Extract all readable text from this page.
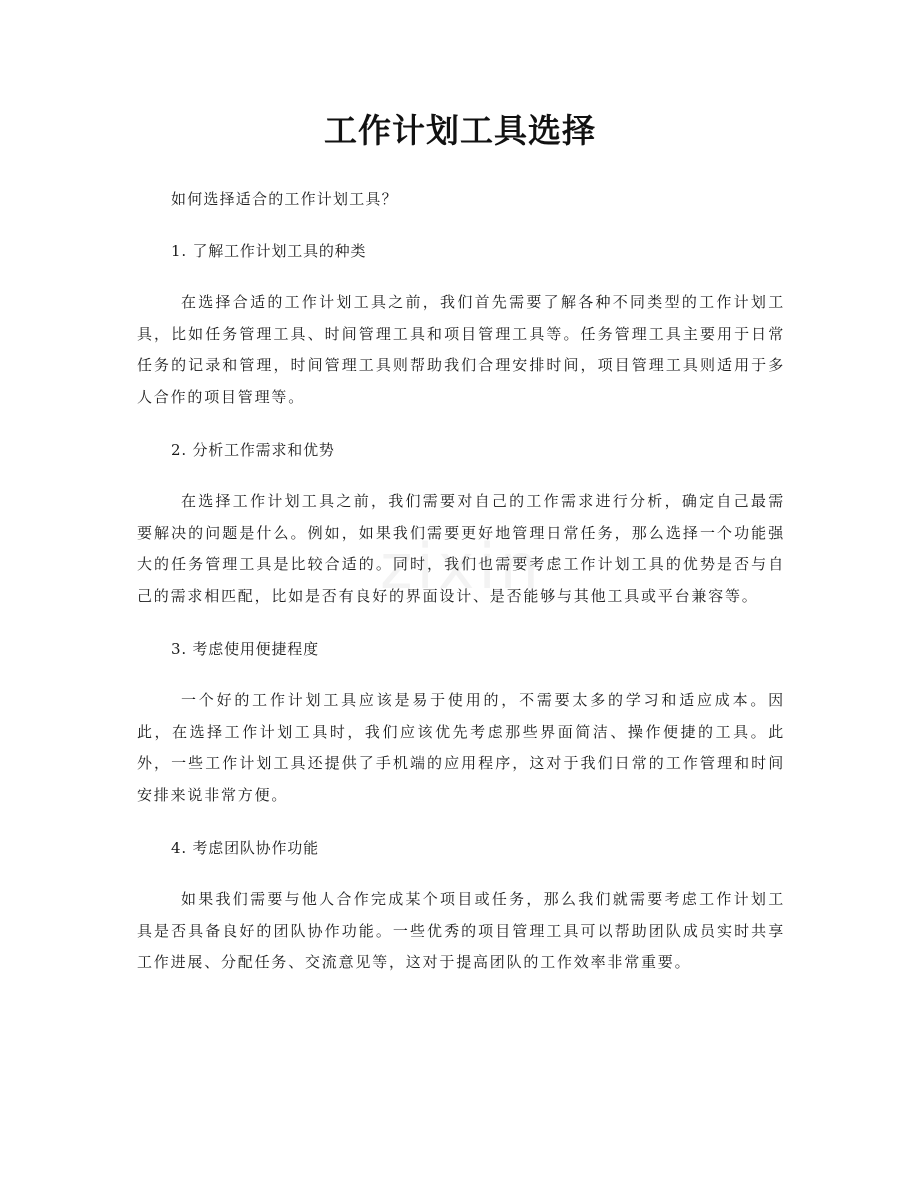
zixin
工作计划工具选择

如何选择适合的工作计划工具？

1. 了解工作计划工具的种类

在选择合适的工作计划工具之前，我们首先需要了解各种不同类型的工作计划工具，比如任务管理工具、时间管理工具和项目管理工具等。任务管理工具主要用于日常任务的记录和管理，时间管理工具则帮助我们合理安排时间，项目管理工具则适用于多人合作的项目管理等。

2. 分析工作需求和优势

在选择工作计划工具之前，我们需要对自己的工作需求进行分析，确定自己最需要解决的问题是什么。例如，如果我们需要更好地管理日常任务，那么选择一个功能强大的任务管理工具是比较合适的。同时，我们也需要考虑工作计划工具的优势是否与自己的需求相匹配，比如是否有良好的界面设计、是否能够与其他工具或平台兼容等。

3. 考虑使用便捷程度

一个好的工作计划工具应该是易于使用的，不需要太多的学习和适应成本。因此，在选择工作计划工具时，我们应该优先考虑那些界面简洁、操作便捷的工具。此外，一些工作计划工具还提供了手机端的应用程序，这对于我们日常的工作管理和时间安排来说非常方便。

4. 考虑团队协作功能

如果我们需要与他人合作完成某个项目或任务，那么我们就需要考虑工作计划工具是否具备良好的团队协作功能。一些优秀的项目管理工具可以帮助团队成员实时共享工作进展、分配任务、交流意见等，这对于提高团队的工作效率非常重要。
